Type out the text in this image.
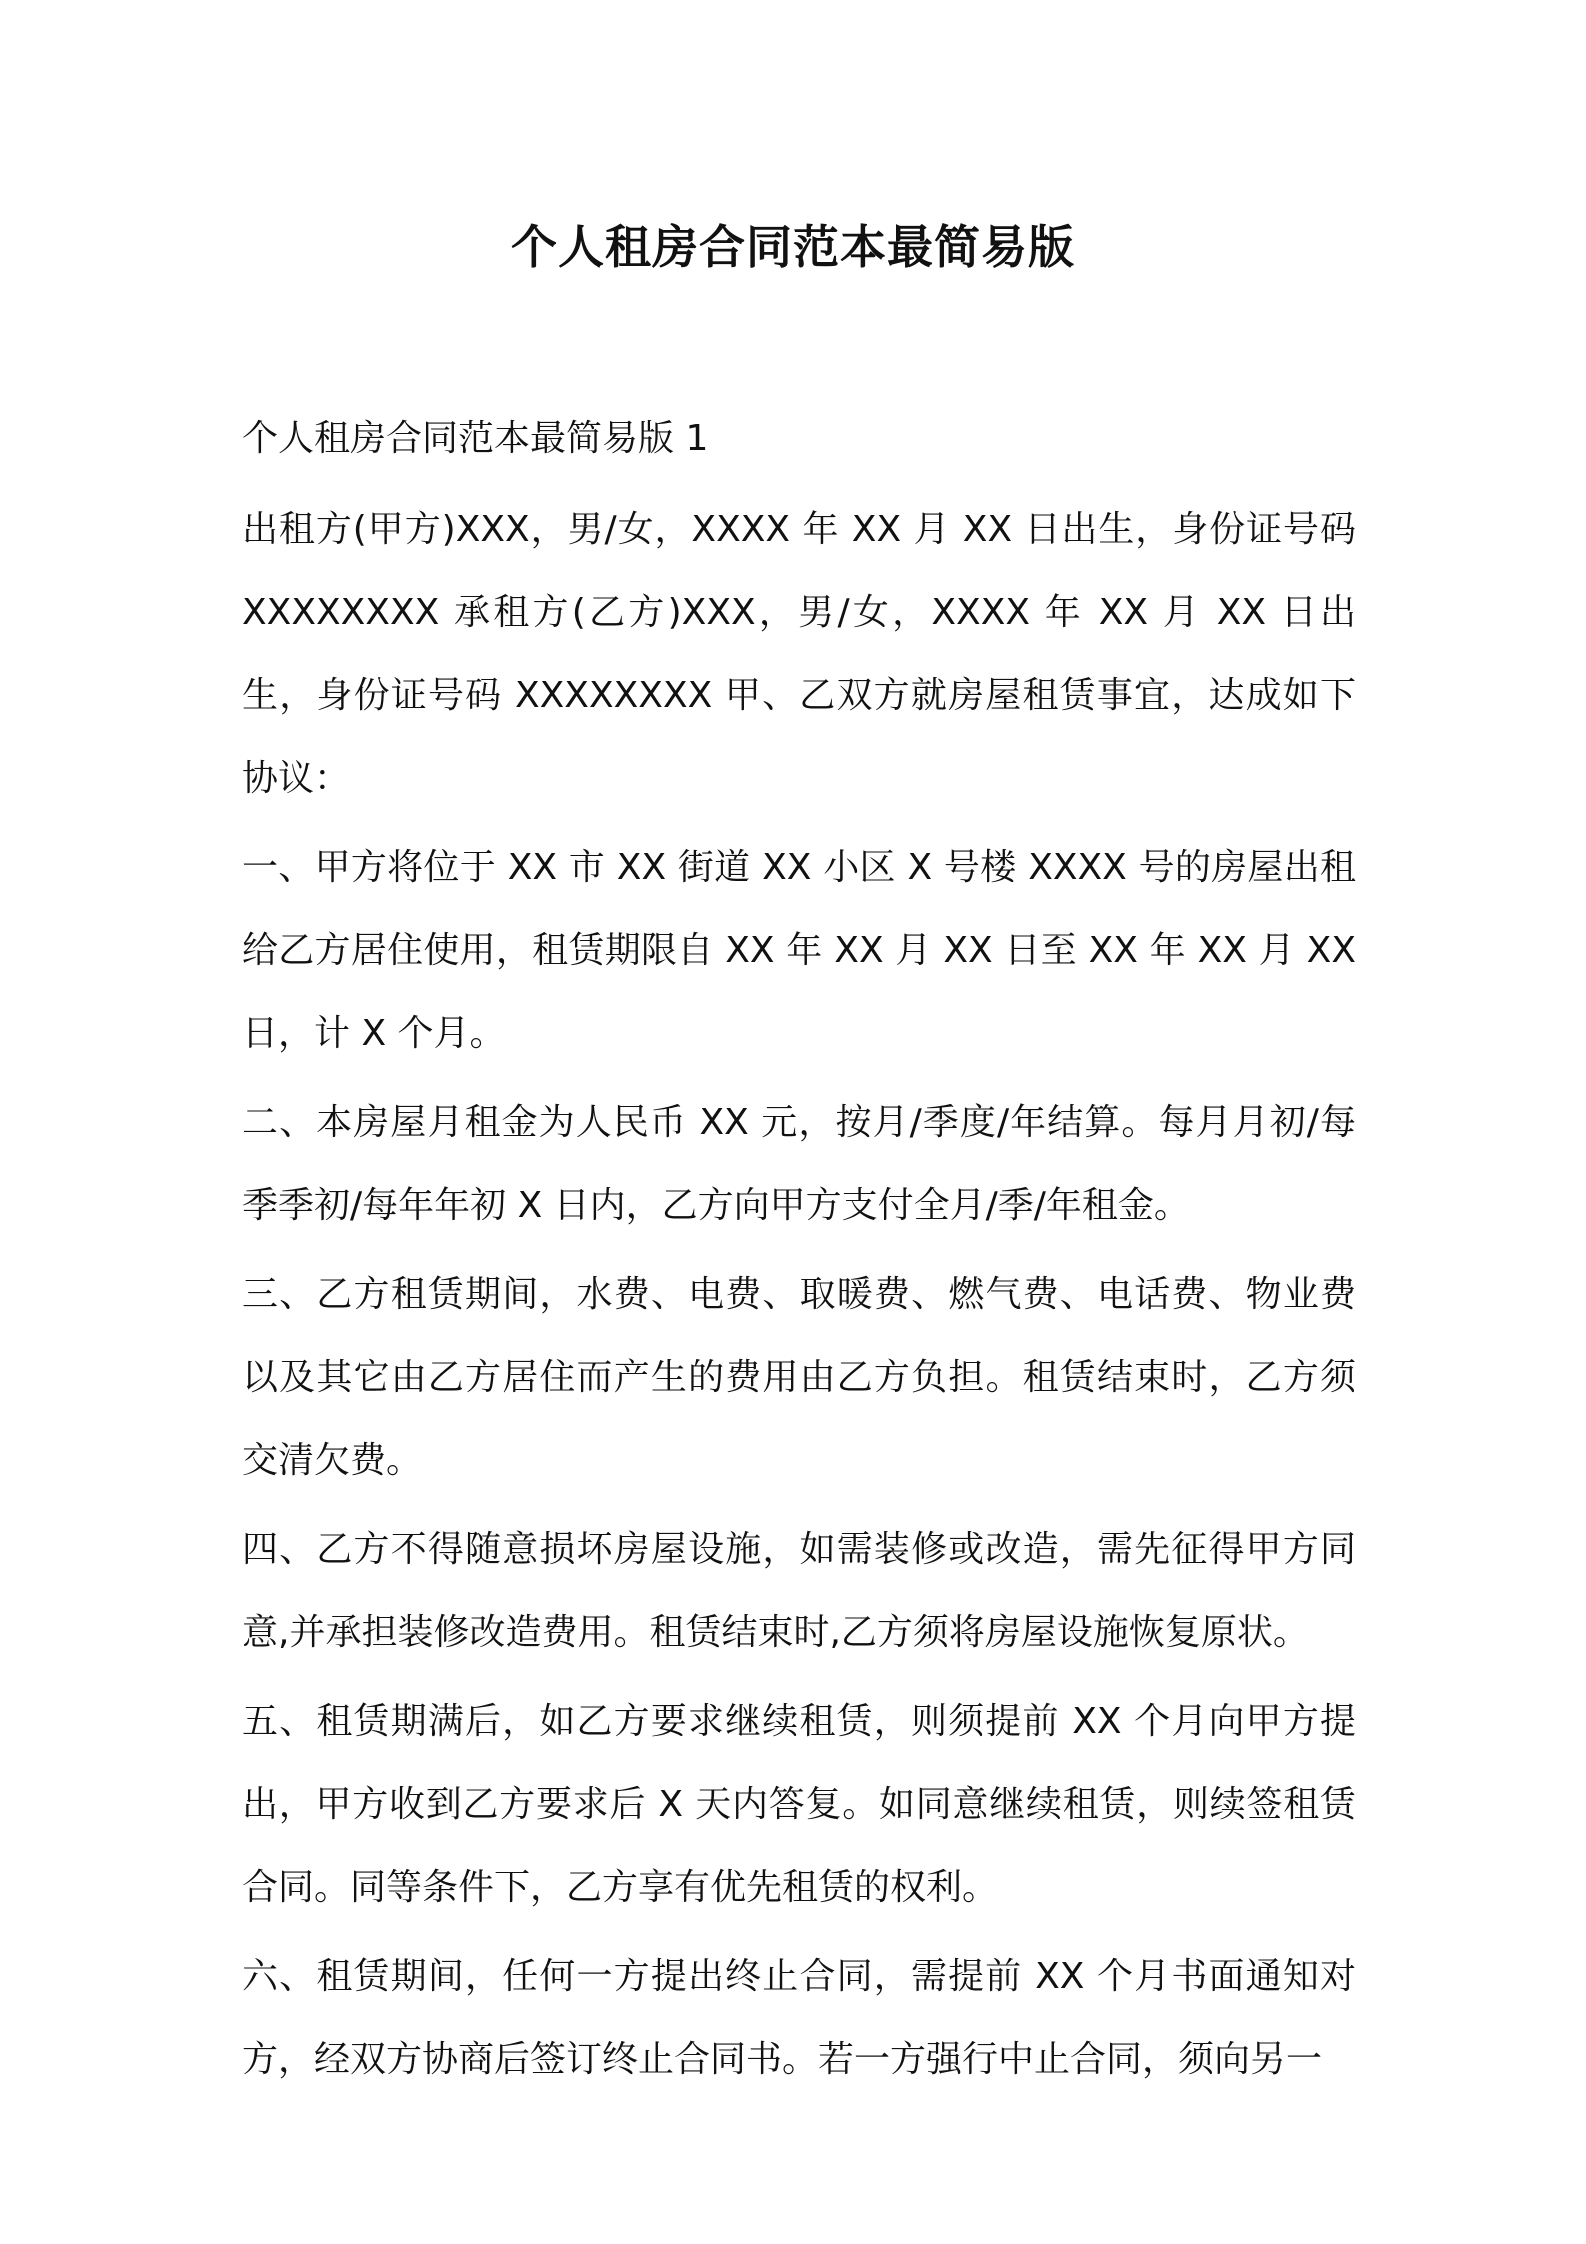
个人租房合同范本最简易版

个人租房合同范本最简易版 1

出租方(甲方)XXX，男/女，XXXX 年 XX 月 XX 日出生，身份证号码 XXXXXXXX 承租方(乙方)XXX，男/女，XXXX 年 XX 月 XX 日出生，身份证号码 XXXXXXXX 甲、乙双方就房屋租赁事宜，达成如下协议：

一、甲方将位于 XX 市 XX 街道 XX 小区 X 号楼 XXXX 号的房屋出租给乙方居住使用，租赁期限自 XX 年 XX 月 XX 日至 XX 年 XX 月 XX 日，计 X 个月。

二、本房屋月租金为人民币 XX 元，按月/季度/年结算。每月月初/每季季初/每年年初 X 日内，乙方向甲方支付全月/季/年租金。

三、乙方租赁期间，水费、电费、取暖费、燃气费、电话费、物业费以及其它由乙方居住而产生的费用由乙方负担。租赁结束时，乙方须交清欠费。

四、乙方不得随意损坏房屋设施，如需装修或改造，需先征得甲方同意,并承担装修改造费用。租赁结束时,乙方须将房屋设施恢复原状。

五、租赁期满后，如乙方要求继续租赁，则须提前 XX 个月向甲方提出，甲方收到乙方要求后 X 天内答复。如同意继续租赁，则续签租赁合同。同等条件下，乙方享有优先租赁的权利。

六、租赁期间，任何一方提出终止合同，需提前 XX 个月书面通知对方，经双方协商后签订终止合同书。若一方强行中止合同，须向另一
